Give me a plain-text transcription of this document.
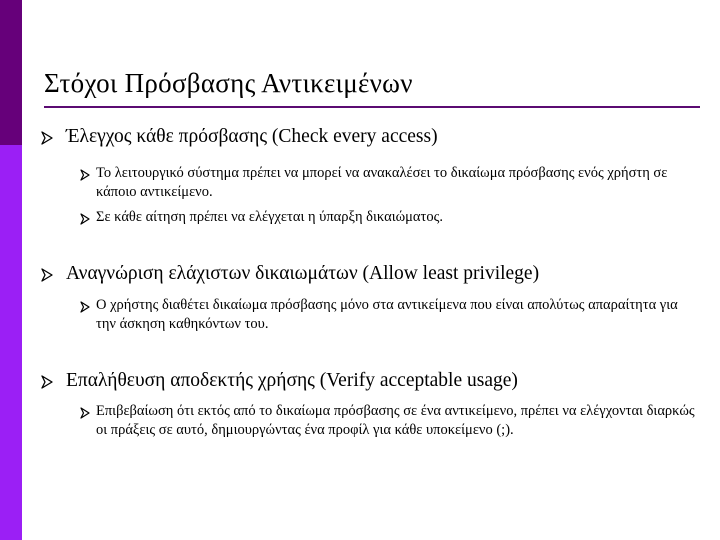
Στόχοι Πρόσβασης Αντικειμένων
Έλεγχος κάθε πρόσβασης (Check every access)
Το λειτουργικό σύστημα πρέπει να μπορεί να ανακαλέσει το δικαίωμα πρόσβασης ενός χρήστη σε κάποιο αντικείμενο.
Σε κάθε αίτηση πρέπει να ελέγχεται η ύπαρξη δικαιώματος.
Αναγνώριση ελάχιστων δικαιωμάτων (Allow least privilege)
Ο χρήστης διαθέτει δικαίωμα πρόσβασης μόνο στα αντικείμενα που είναι απολύτως απαραίτητα για την άσκηση καθηκόντων του.
Επαλήθευση αποδεκτής χρήσης (Verify acceptable usage)
Επιβεβαίωση ότι εκτός από το δικαίωμα πρόσβασης σε ένα αντικείμενο, πρέπει να ελέγχονται διαρκώς οι πράξεις σε αυτό, δημιουργώντας ένα προφίλ για κάθε υποκείμενο (;).
